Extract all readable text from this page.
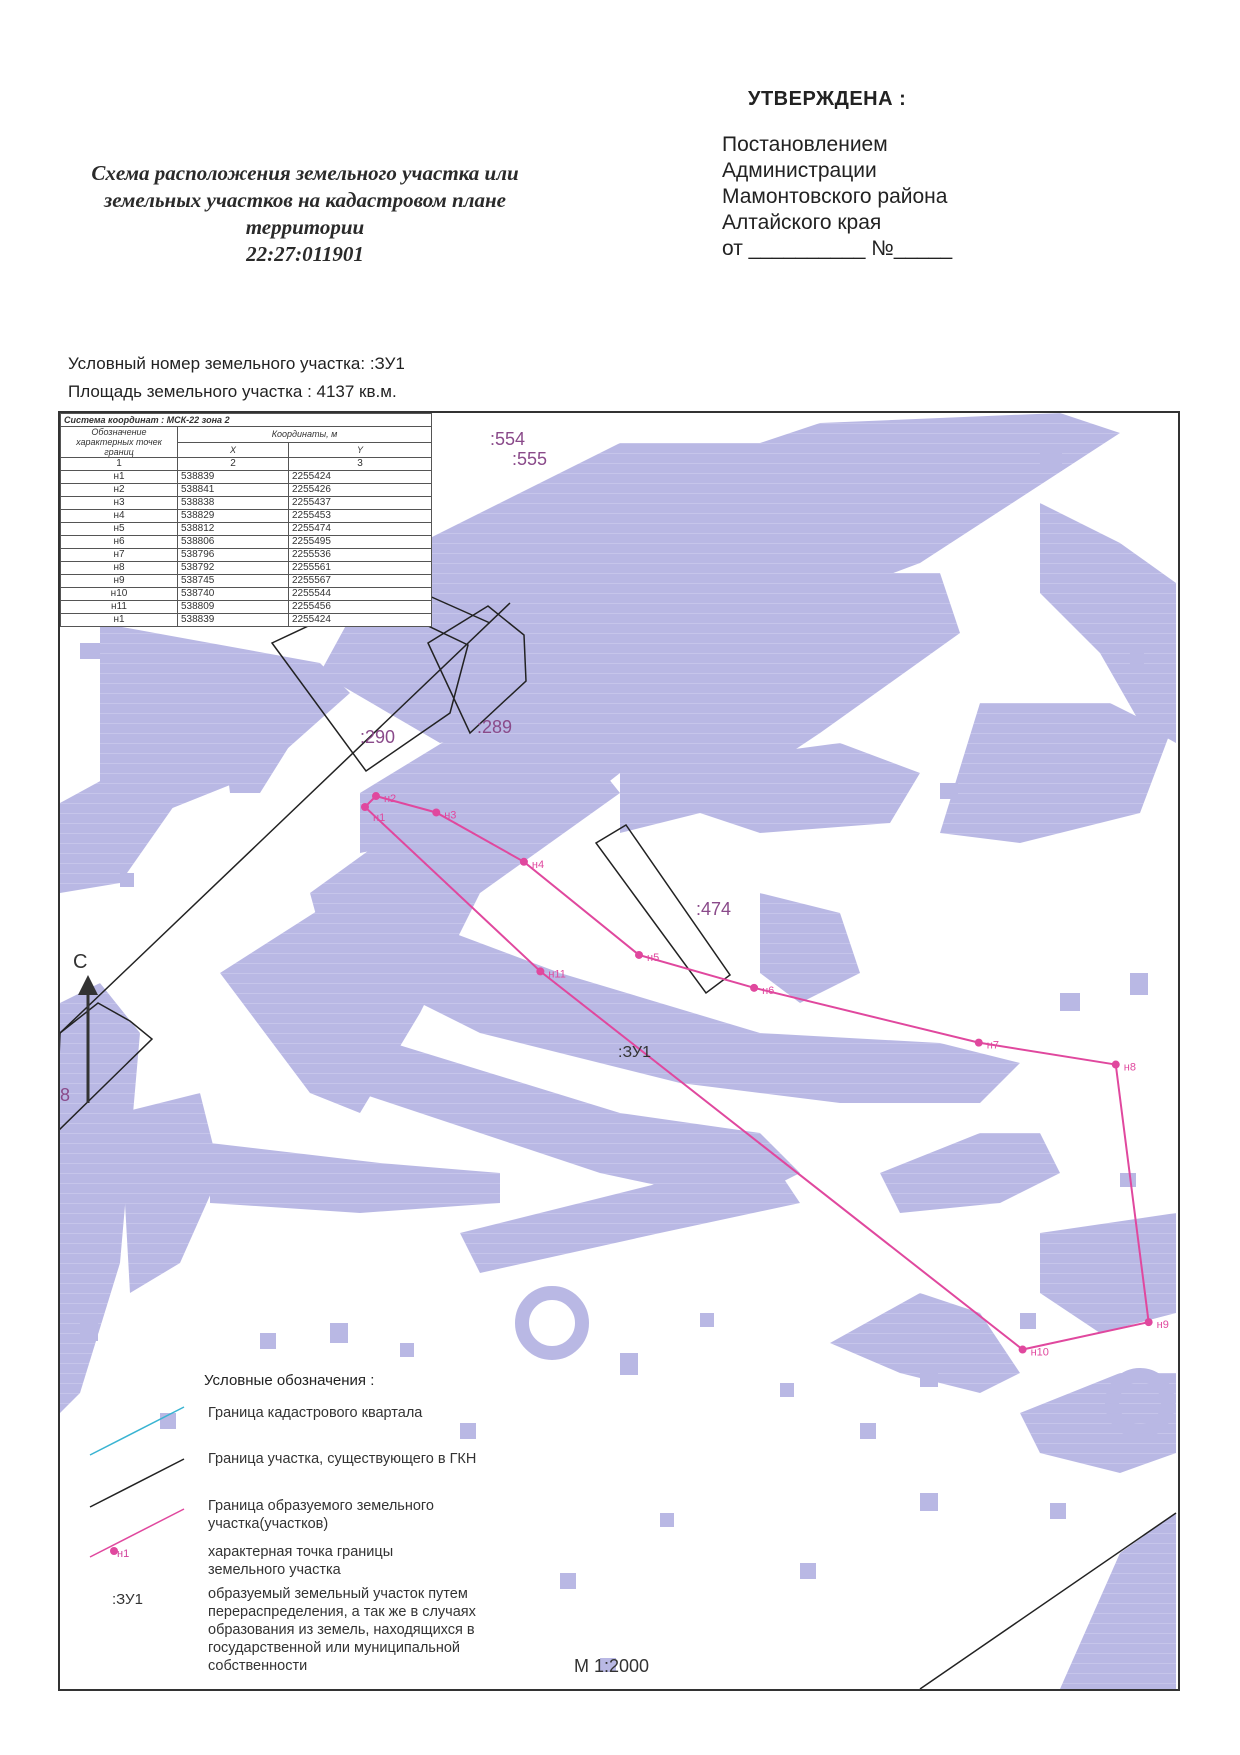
Схема расположения земельного участка или
земельных участков на кадастровом плане
территории
22:27:011901
УТВЕРЖДЕНА :
Постановлением
Администрации
Мамонтовского района
Алтайского края
от __________ №_____
Условный номер земельного участка: :ЗУ1
Площадь земельного участка : 4137 кв.м.
:554
:555
:290	:289
:474
8
С
н1
н2
н3
н4
н5
н6
н7
н8
н9
н10
н11
:ЗУ1
Система координат : МСК-22 зона 2		
Обозначение характерных точек границ	Координаты, м	
	X	Y
1	2	3
н1	538839	2255424
н2	538841	2255426
н3	538838	2255437
н4	538829	2255453
н5	538812	2255474
н6	538806	2255495
н7	538796	2255536
н8	538792	2255561
н9	538745	2255567
н10	538740	2255544
н11	538809	2255456
н1	538839	2255424
Условные обозначения :
Граница кадастрового квартала
Граница участка, существующего в ГКН
Граница образуемого земельного участка(участков)
характерная точка границы земельного участка
образуемый земельный участок путем перераспределения, а так же в случаях образования из земель, находящихся в государственной или муниципальной собственности
н1
:ЗУ1
М 1:2000
